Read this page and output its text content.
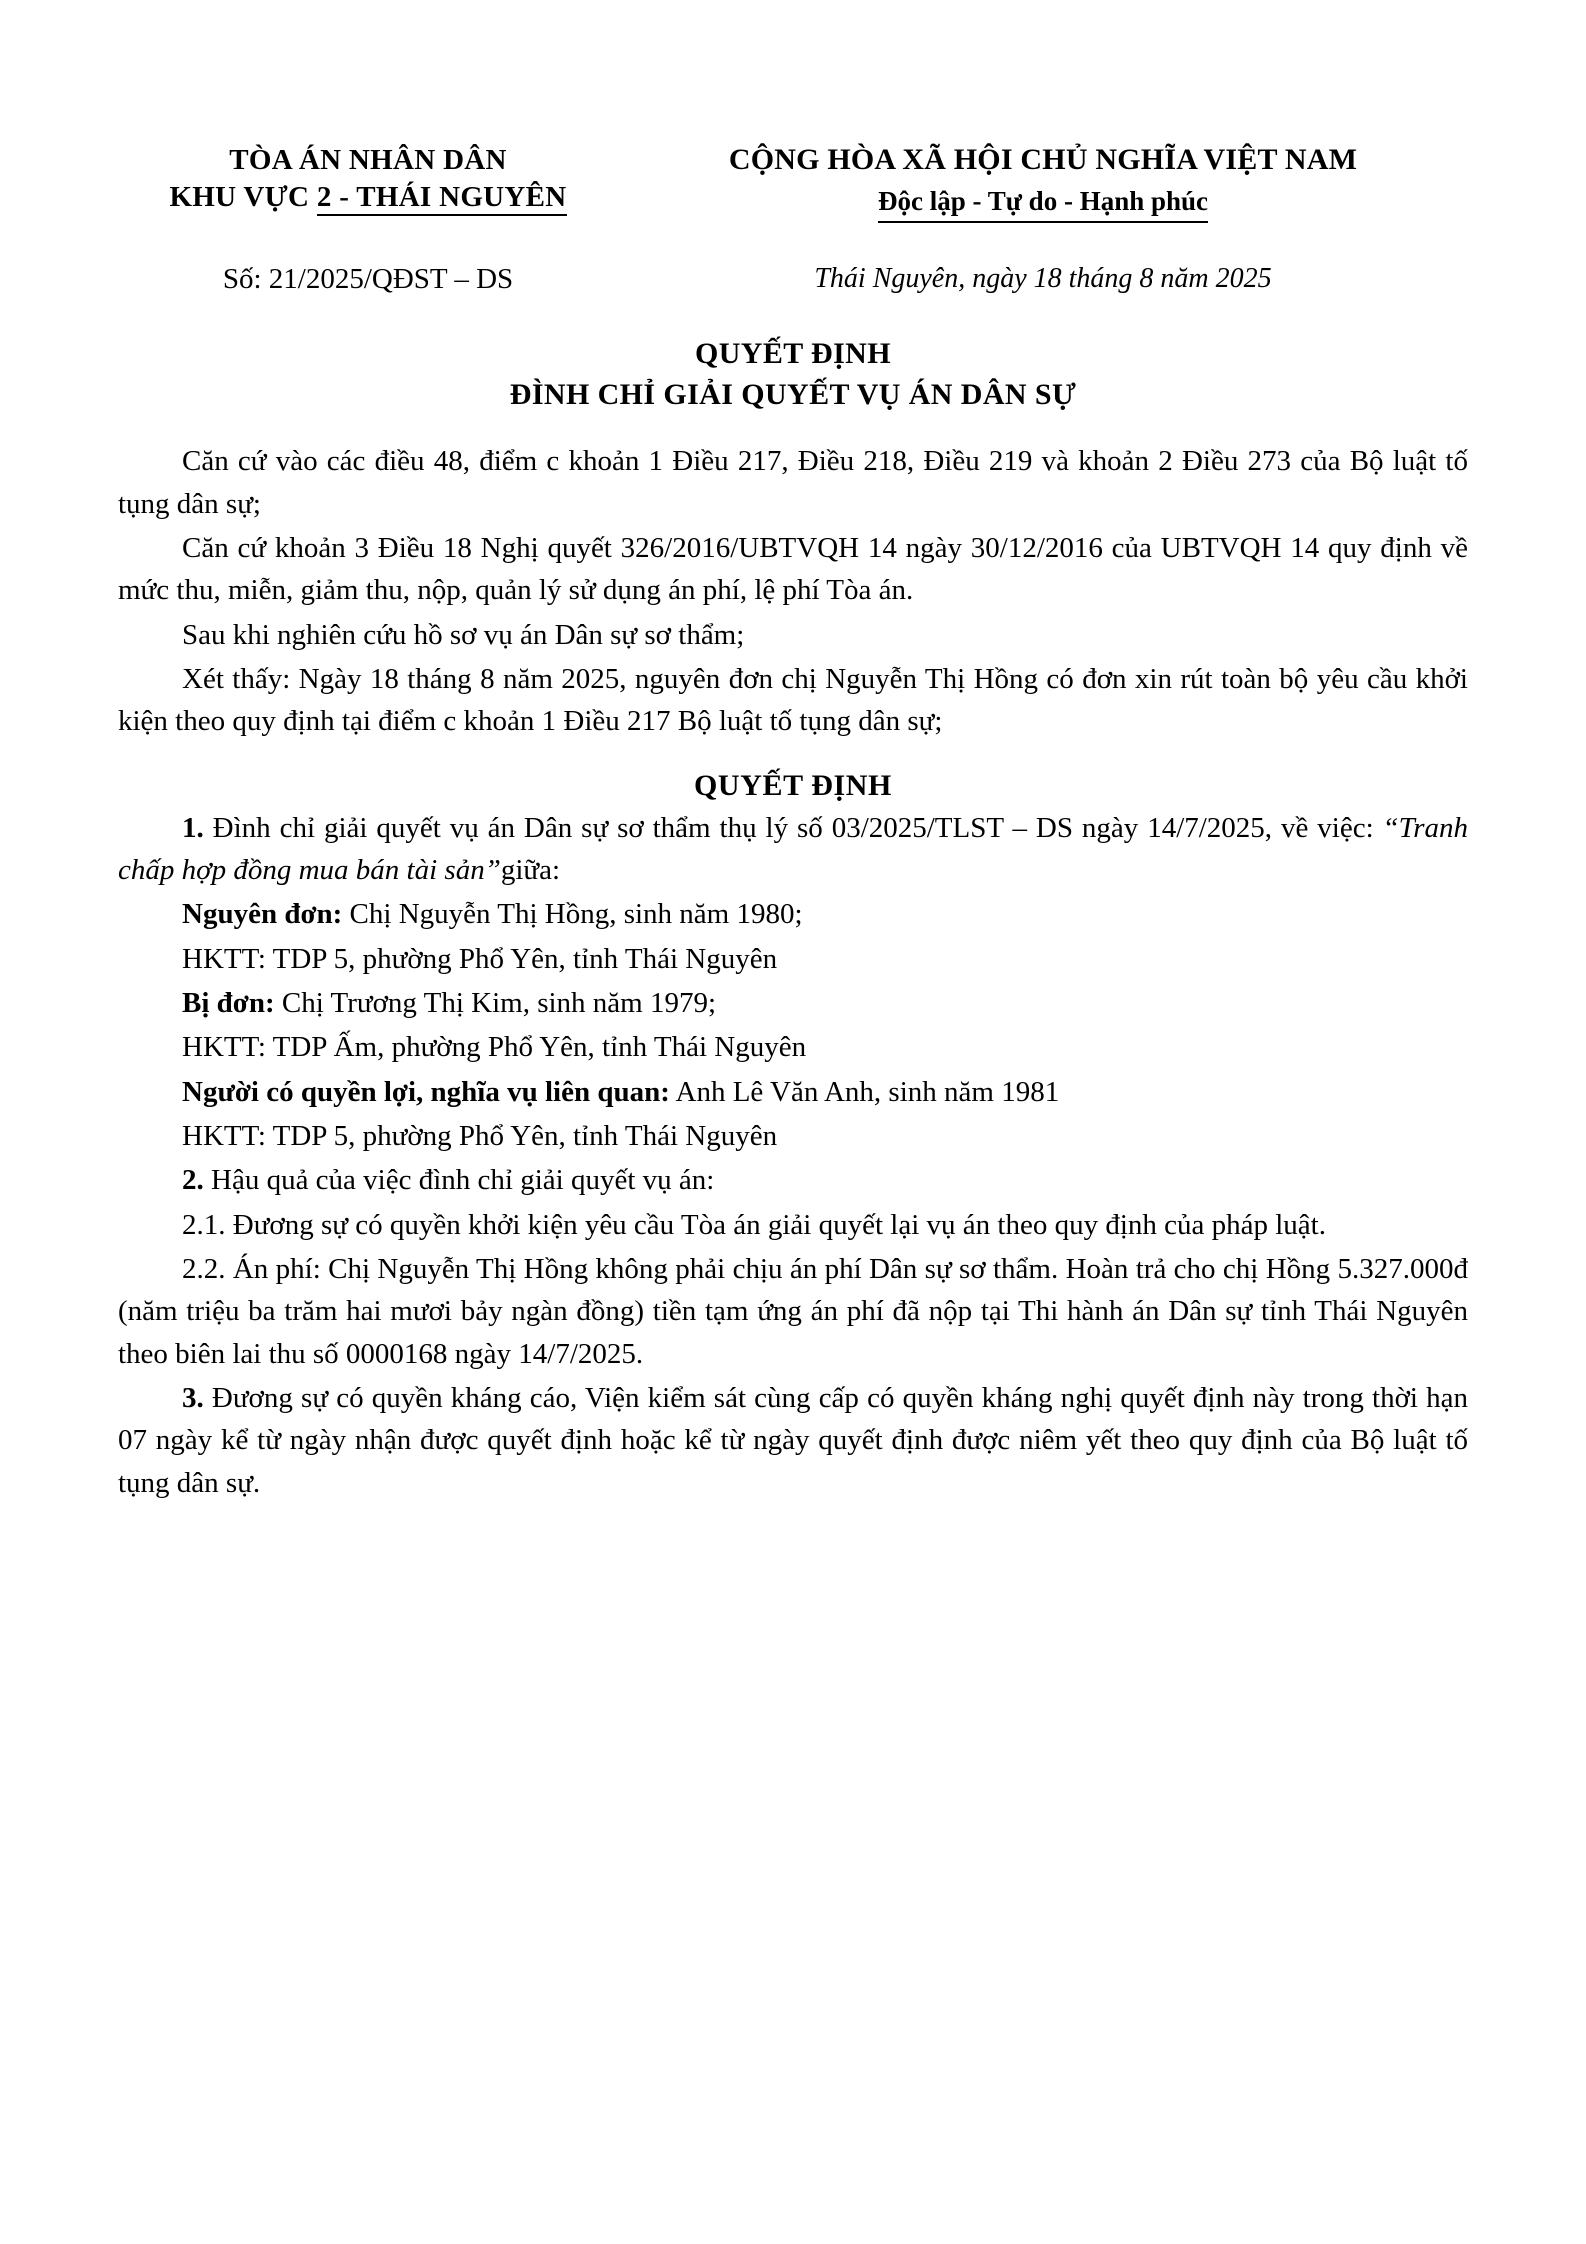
TÒA ÁN NHÂN DÂN
KHU VỰC 2 - THÁI NGUYÊN
CỘNG HÒA XÃ HỘI CHỦ NGHĨA VIỆT NAM
Độc lập - Tự do - Hạnh phúc
Số: 21/2025/QĐST – DS	Thái Nguyên, ngày 18 tháng 8 năm 2025
QUYẾT ĐỊNH
ĐÌNH CHỈ GIẢI QUYẾT VỤ ÁN DÂN SỰ

Căn cứ vào các điều 48, điểm c khoản 1 Điều 217, Điều 218, Điều 219 và khoản 2 Điều 273 của Bộ luật tố tụng dân sự;

Căn cứ khoản 3 Điều 18 Nghị quyết 326/2016/UBTVQH 14 ngày 30/12/2016 của UBTVQH 14 quy định về mức thu, miễn, giảm thu, nộp, quản lý sử dụng án phí, lệ phí Tòa án.

Sau khi nghiên cứu hồ sơ vụ án Dân sự sơ thẩm;

Xét thấy: Ngày 18 tháng 8 năm 2025, nguyên đơn chị Nguyễn Thị Hồng có đơn xin rút toàn bộ yêu cầu khởi kiện theo quy định tại điểm c khoản 1 Điều 217 Bộ luật tố tụng dân sự;

QUYẾT ĐỊNH

1. Đình chỉ giải quyết vụ án Dân sự sơ thẩm thụ lý số 03/2025/TLST – DS ngày 14/7/2025, về việc: “Tranh chấp hợp đồng mua bán tài sản”giữa:

Nguyên đơn: Chị Nguyễn Thị Hồng, sinh năm 1980;

HKTT: TDP 5, phường Phổ Yên, tỉnh Thái Nguyên

Bị đơn: Chị Trương Thị Kim, sinh năm 1979;

HKTT: TDP Ấm, phường Phổ Yên, tỉnh Thái Nguyên

Người có quyền lợi, nghĩa vụ liên quan: Anh Lê Văn Anh, sinh năm 1981

HKTT: TDP 5, phường Phổ Yên, tỉnh Thái Nguyên

2. Hậu quả của việc đình chỉ giải quyết vụ án:

2.1. Đương sự có quyền khởi kiện yêu cầu Tòa án giải quyết lại vụ án theo quy định của pháp luật.

2.2. Án phí: Chị Nguyễn Thị Hồng không phải chịu án phí Dân sự sơ thẩm. Hoàn trả cho chị Hồng 5.327.000đ (năm triệu ba trăm hai mươi bảy ngàn đồng) tiền tạm ứng án phí đã nộp tại Thi hành án Dân sự tỉnh Thái Nguyên theo biên lai thu số 0000168 ngày 14/7/2025.

3. Đương sự có quyền kháng cáo, Viện kiểm sát cùng cấp có quyền kháng nghị quyết định này trong thời hạn 07 ngày kể từ ngày nhận được quyết định hoặc kể từ ngày quyết định được niêm yết theo quy định của Bộ luật tố tụng dân sự.
